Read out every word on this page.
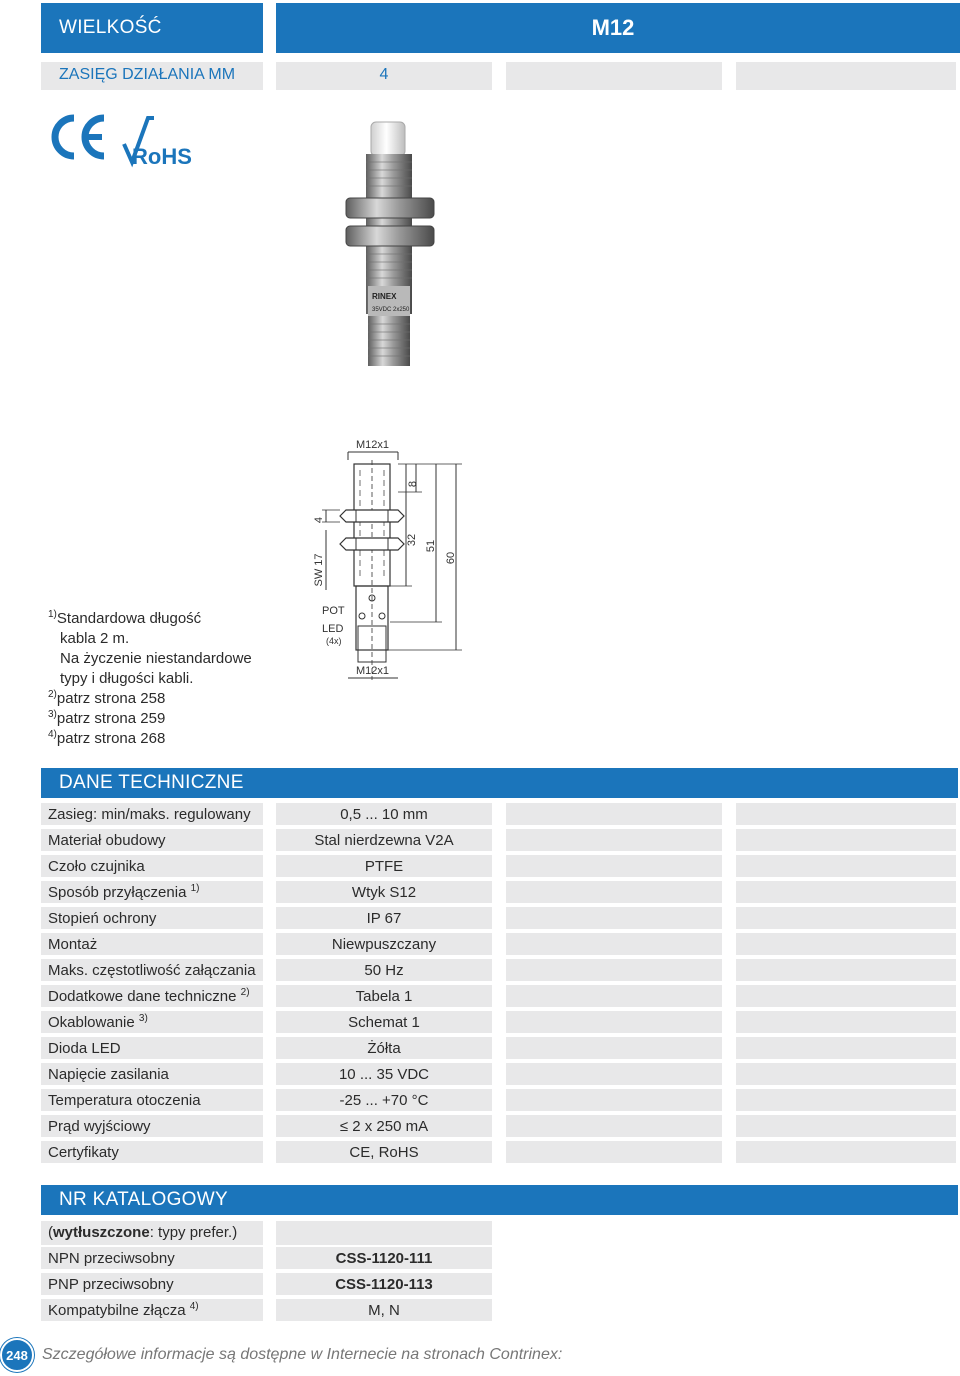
WIELKOŚĆ	M12
ZASIĘG DZIAŁANIA MM	4
RoHS
RINEX
35VDC 2x250
M12x1
M12x1
8
32 51
60
4
SW 17
POT
LED
(4x)
$^{1)}$Standardowa długość
kabla 2 m.
Na życzenie niestandardowe
typy i długości kabli.
$^{2)}$patrz strona 258
$^{3)}$patrz strona 259
$^{4)}$patrz strona 268
DANE TECHNICZNE
Zasieg: min/maks. regulowany	0,5 ... 10 mm
Materiał obudowy	Stal nierdzewna V2A
Czoło czujnika	PTFE
Sposób przyłączenia $^{1)}$	Wtyk S12
Stopień ochrony	IP 67
Montaż	Niewpuszczany
Maks. częstotliwość załączania	50 Hz
Dodatkowe dane techniczne $^{2)}$	Tabela 1
Okablowanie $^{3)}$	Schemat 1
Dioda LED	Żółta
Napięcie zasilania	10 ... 35 VDC
Temperatura otoczenia	-25 ... +70 °C
Prąd wyjściowy	≤ 2 x 250 mA
Certyfikaty	CE, RoHS
NR KATALOGOWY
(wytłuszczone: typy prefer.)
NPN przeciwsobny	CSS-1120-111
PNP przeciwsobny	CSS-1120-113
Kompatybilne złącza $^{4)}$	M, N
248 Szczegółowe informacje są dostępne w Internecie na stronach Contrinex:
